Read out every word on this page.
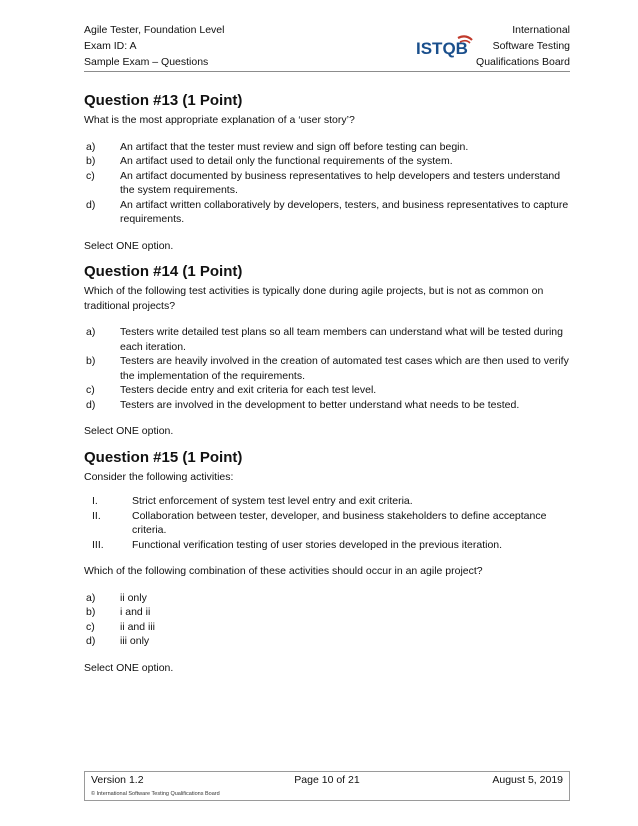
Agile Tester, Foundation Level
Exam ID: A
Sample Exam – Questions
ISTQB
International
Software Testing
Qualifications Board
Question #13 (1 Point)

What is the most appropriate explanation of a ‘user story’?

a)	An artifact that the tester must review and sign off before testing can begin.
b)	An artifact used to detail only the functional requirements of the system.
c)	An artifact documented by business representatives to help developers and testers understand the system requirements.
d)	An artifact written collaboratively by developers, testers, and business representatives to capture requirements.

Select ONE option.

Question #14 (1 Point)

Which of the following test activities is typically done during agile projects, but is not as common on traditional projects?

a)	Testers write detailed test plans so all team members can understand what will be tested during each iteration.
b)	Testers are heavily involved in the creation of automated test cases which are then used to verify the implementation of the requirements.
c)	Testers decide entry and exit criteria for each test level.
d)	Testers are involved in the development to better understand what needs to be tested.

Select ONE option.

Question #15 (1 Point)

Consider the following activities:

I.	Strict enforcement of system test level entry and exit criteria.
II.	Collaboration between tester, developer, and business stakeholders to define acceptance criteria.
III.	Functional verification testing of user stories developed in the previous iteration.

Which of the following combination of these activities should occur in an agile project?

a)	ii only
b)	i and ii
c)	ii and iii
d)	iii only

Select ONE option.

Version 1.2	Page 10 of 21	August 5, 2019
© International Software Testing Qualifications Board
